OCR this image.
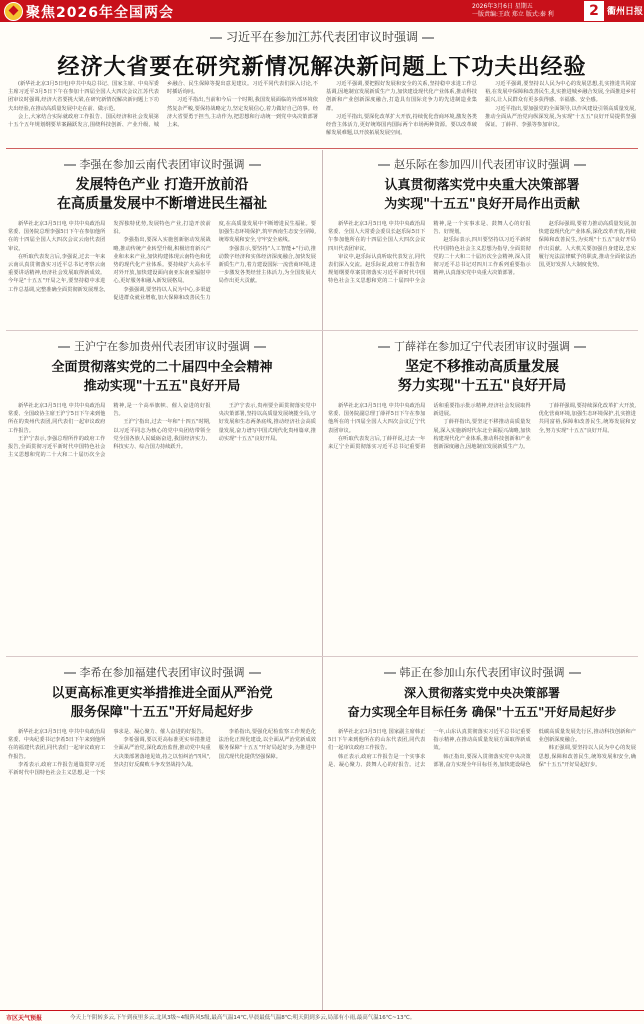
聚焦2026年全国两会	2026年3月6日 星期五
一版责编:王政 郑立 版式:秦 利	2 衢州日报
习近平在参加江苏代表团审议时强调
经济大省要在研究新情况解决新问题上下功夫出经验

(新华社北京3月5日电)中共中央总书记、国家主席、中央军委主席习近平3月5日下午在参加十四届全国人大四次会议江苏代表团审议时强调,经济大省要挑大梁,在研究新情况解决新问题上下功夫出经验,在推动高质量发展中走在前、做示范。

会上,大家结合实际就政府工作报告、国民经济和社会发展第十五个五年规划纲要草案踊跃发言,围绕科技创新、产业升级、城乡融合、民生保障等提出意见建议。习近平同代表们深入讨论,不时插话询问。

习近平指出,当前和今后一个时期,我国发展面临的外部环境依然复杂严峻,要保持战略定力,坚定发展信心,着力做好自己的事。经济大省要勇于担当,主动作为,把思想和行动统一到党中央决策部署上来。

习近平强调,要把握好发展和安全的关系,坚持稳中求进工作总基调,因地制宜发展新质生产力,加快建设现代化产业体系,推动科技创新和产业创新深度融合,打造具有国际竞争力的先进制造业集群。

习近平指出,要深化改革扩大开放,持续优化营商环境,激发各类经营主体活力,更好统筹国内国际两个市场两种资源。要以改革破解发展难题,以开放拓展发展空间。

习近平强调,要坚持以人民为中心的发展思想,扎实推进共同富裕,在发展中保障和改善民生,扎实推进城乡融合发展,全面推进乡村振兴,让人民群众有更多获得感、幸福感、安全感。

习近平指出,要加强党的全面领导,以作风建设引领高质量发展,推动全面从严治党向纵深发展,为实现"十五五"良好开局提供坚强保证。丁薛祥、李强等参加审议。

李强在参加云南代表团审议时强调
发展特色产业 打造开放前沿
在高质量发展中不断增进民生福祉

新华社北京3月5日电 中共中央政治局常委、国务院总理李强5日下午在参加他所在的十四届全国人大四次会议云南代表团审议。

在听取代表发言后,李强说,过去一年来云南认真贯彻落实习近平总书记考察云南重要讲话精神,经济社会发展取得新成效。今年是"十五五"开局之年,要坚持稳中求进工作总基调,完整准确全面贯彻新发展理念,发挥独特优势,发展特色产业,打造开放前沿。

李强指出,要深入实施创新驱动发展战略,推动传统产业转型升级,积极培育新兴产业和未来产业,加快构建体现云南特色和优势的现代化产业体系。要持续扩大高水平对外开放,加快建设面向南亚东南亚辐射中心,更好服务和融入新发展格局。

李强强调,要坚持以人民为中心,多渠道促进群众就业增收,加大保障和改善民生力度,在高质量发展中不断增进民生福祉。要加强生态环境保护,筑牢西南生态安全屏障,统筹发展和安全,守牢安全底线。

李强表示,要坚持"人工智能+"行动,推动数字经济和实体经济深度融合,加快发展新质生产力,着力建设国际一流营商环境,进一步激发各类经营主体活力,为全国发展大局作出更大贡献。

赵乐际在参加四川代表团审议时强调
认真贯彻落实党中央重大决策部署
为实现"十五五"良好开局作出贡献

新华社北京3月5日电 中共中央政治局常委、全国人大常委会委员长赵乐际5日下午参加他所在的十四届全国人大四次会议四川代表团审议。

审议中,赵乐际认真听取代表发言,同代表们深入交流。赵乐际说,政府工作报告和规划纲要草案贯彻落实习近平新时代中国特色社会主义思想和党的二十届四中全会精神,是一个实事求是、鼓舞人心的好报告、好规划。

赵乐际表示,四川要坚持以习近平新时代中国特色社会主义思想为指导,全面贯彻党的二十大和二十届历次全会精神,深入贯彻习近平总书记对四川工作系列重要指示精神,认真落实党中央重大决策部署。

赵乐际强调,要着力推动高质量发展,加快建设现代化产业体系,深化改革开放,持续保障和改善民生,为实现"十五五"良好开局作出贡献。人大机关要加强自身建设,忠实履行宪法法律赋予的职责,推动全面依法治国,更好发挥人大制度优势。

王沪宁在参加贵州代表团审议时强调
全面贯彻落实党的二十届四中全会精神
推动实现"十五五"良好开局

新华社北京3月5日电 中共中央政治局常委、全国政协主席王沪宁5日下午来到他所在的贵州代表团,同代表们一起审议政府工作报告。

王沪宁表示,李强总理所作的政府工作报告,全面贯彻习近平新时代中国特色社会主义思想和党的二十大和二十届历次全会精神,是一个高举旗帜、催人奋进的好报告。

王沪宁指出,过去一年和"十四五"时期,以习近平同志为核心的党中央团结带领全党全国各族人民砥砺奋进,我国经济实力、科技实力、综合国力持续跃升。

王沪宁表示,贵州要全面贯彻落实党中央决策部署,坚持以高质量发展统揽全局,守好发展和生态两条底线,推动经济社会高质量发展,奋力谱写中国式现代化贵州篇章,推动实现"十五五"良好开局。

丁薛祥在参加辽宁代表团审议时强调
坚定不移推动高质量发展
努力实现"十五五"良好开局

新华社北京3月5日电 中共中央政治局常委、国务院副总理丁薛祥5日下午在参加他所在的十四届全国人大四次会议辽宁代表团审议。

在听取代表发言后,丁薛祥说,过去一年来辽宁全面贯彻落实习近平总书记重要讲话和重要指示批示精神,经济社会发展取得新进展。

丁薛祥指出,要坚定不移推动高质量发展,深入实施新时代东北全面振兴战略,加快构建现代化产业体系,推动科技创新和产业创新深度融合,因地制宜发展新质生产力。

丁薛祥强调,要持续深化改革扩大开放,优化营商环境,加强生态环境保护,扎实推进共同富裕,保障和改善民生,统筹发展和安全,努力实现"十五五"良好开局。

李希在参加福建代表团审议时强调
以更高标准更实举措推进全面从严治党
服务保障"十五五"开好局起好步

新华社北京3月5日电 中共中央政治局常委、中央纪委书记李希5日下午来到他所在的福建代表团,同代表们一起审议政府工作报告。

李希表示,政府工作报告通篇贯穿习近平新时代中国特色社会主义思想,是一个实事求是、凝心聚力、催人奋进的好报告。

李希强调,要以更高标准更实举措推进全面从严治党,深化政治监督,推动党中央重大决策部署落地见效,持之以恒纠治"四风",坚决打好反腐败斗争攻坚战持久战。

李希指出,要强化纪检监察工作规范化法治化正规化建设,以全面从严治党新成效服务保障"十五五"开好局起好步,为推进中国式现代化提供坚强保障。

韩正在参加山东代表团审议时强调
深入贯彻落实党中央决策部署
奋力实现全年目标任务 确保"十五五"开好局起好步

新华社北京3月5日电 国家副主席韩正5日下午来到他所在的山东代表团,同代表们一起审议政府工作报告。

韩正表示,政府工作报告是一个实事求是、凝心聚力、鼓舞人心的好报告。过去一年,山东认真贯彻落实习近平总书记重要指示精神,在推动高质量发展方面取得新成效。

韩正指出,要深入贯彻落实党中央决策部署,奋力实现全年目标任务,加快建设绿色低碳高质量发展先行区,推动科技创新和产业创新深度融合。

韩正强调,要坚持以人民为中心的发展思想,保障和改善民生,统筹发展和安全,确保"十五五"开好局起好步。

市区天气预报	今天上午阴转多云,下午到夜里多云,北风3级~4级阵风5级,最高气温14℃,早晨最低气温8℃;明天阴到多云,局部有小雨,最高气温16℃~13℃。
